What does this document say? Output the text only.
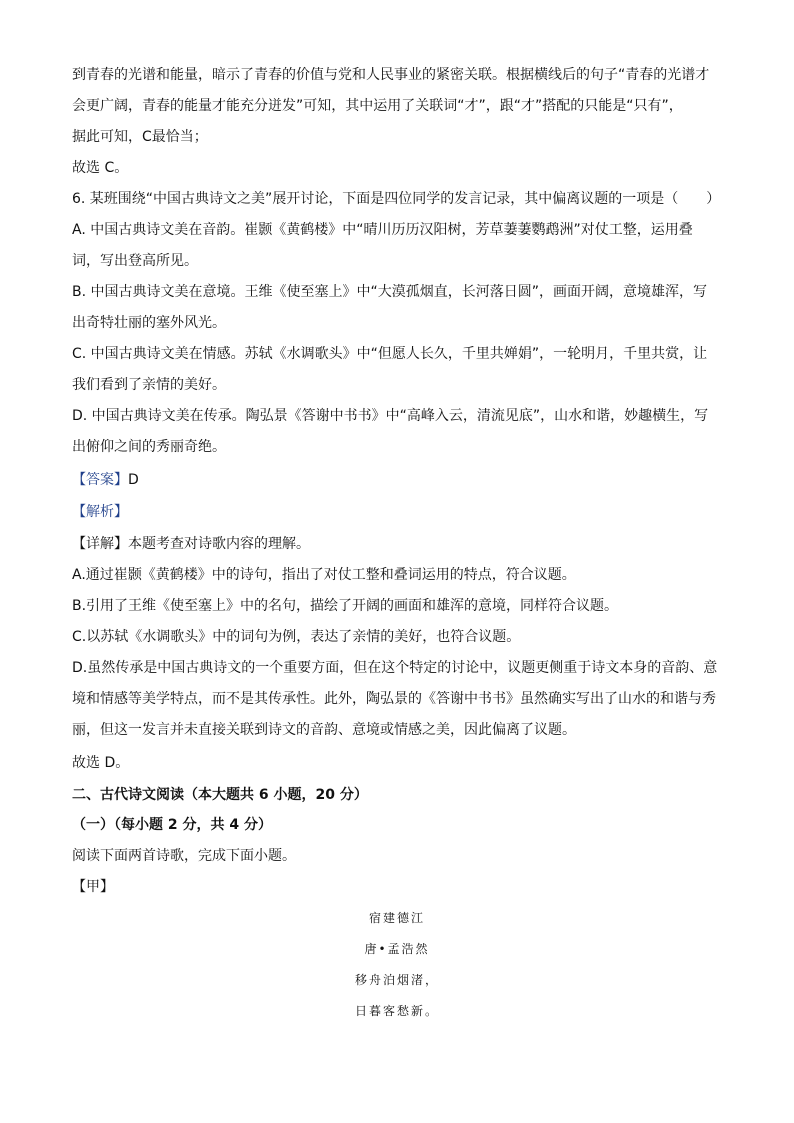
到青春的光谱和能量，暗示了青春的价值与党和人民事业的紧密关联。根据横线后的句子“青春的光谱才
会更广阔，青春的能量才能充分迸发”可知，其中运用了关联词“才”，跟“才”搭配的只能是“只有”，
据此可知，C最恰当；
故选 C。
6. 某班围绕“中国古典诗文之美”展开讨论，下面是四位同学的发言记录，其中偏离议题的一项是（　　）
A. 中国古典诗文美在音韵。崔颢《黄鹤楼》中“晴川历历汉阳树，芳草萋萋鹦鹉洲”对仗工整，运用叠
词，写出登高所见。
B. 中国古典诗文美在意境。王维《使至塞上》中“大漠孤烟直，长河落日圆”，画面开阔，意境雄浑，写
出奇特壮丽的塞外风光。
C. 中国古典诗文美在情感。苏轼《水调歌头》中“但愿人长久，千里共婵娟”，一轮明月，千里共赏，让
我们看到了亲情的美好。
D. 中国古典诗文美在传承。陶弘景《答谢中书书》中“高峰入云，清流见底”，山水和谐，妙趣横生，写
出俯仰之间的秀丽奇绝。
【答案】D
【解析】
【详解】本题考查对诗歌内容的理解。
A.通过崔颢《黄鹤楼》中的诗句，指出了对仗工整和叠词运用的特点，符合议题。
B.引用了王维《使至塞上》中的名句，描绘了开阔的画面和雄浑的意境，同样符合议题。
C.以苏轼《水调歌头》中的词句为例，表达了亲情的美好，也符合议题。
D.虽然传承是中国古典诗文的一个重要方面，但在这个特定的讨论中，议题更侧重于诗文本身的音韵、意
境和情感等美学特点，而不是其传承性。此外，陶弘景的《答谢中书书》虽然确实写出了山水的和谐与秀
丽，但这一发言并未直接关联到诗文的音韵、意境或情感之美，因此偏离了议题。
故选 D。
二、古代诗文阅读（本大题共 6 小题，20 分）
（一）（每小题 2 分，共 4 分）
阅读下面两首诗歌，完成下面小题。
【甲】
宿建德江
唐•孟浩然
移舟泊烟渚，
日暮客愁新。
